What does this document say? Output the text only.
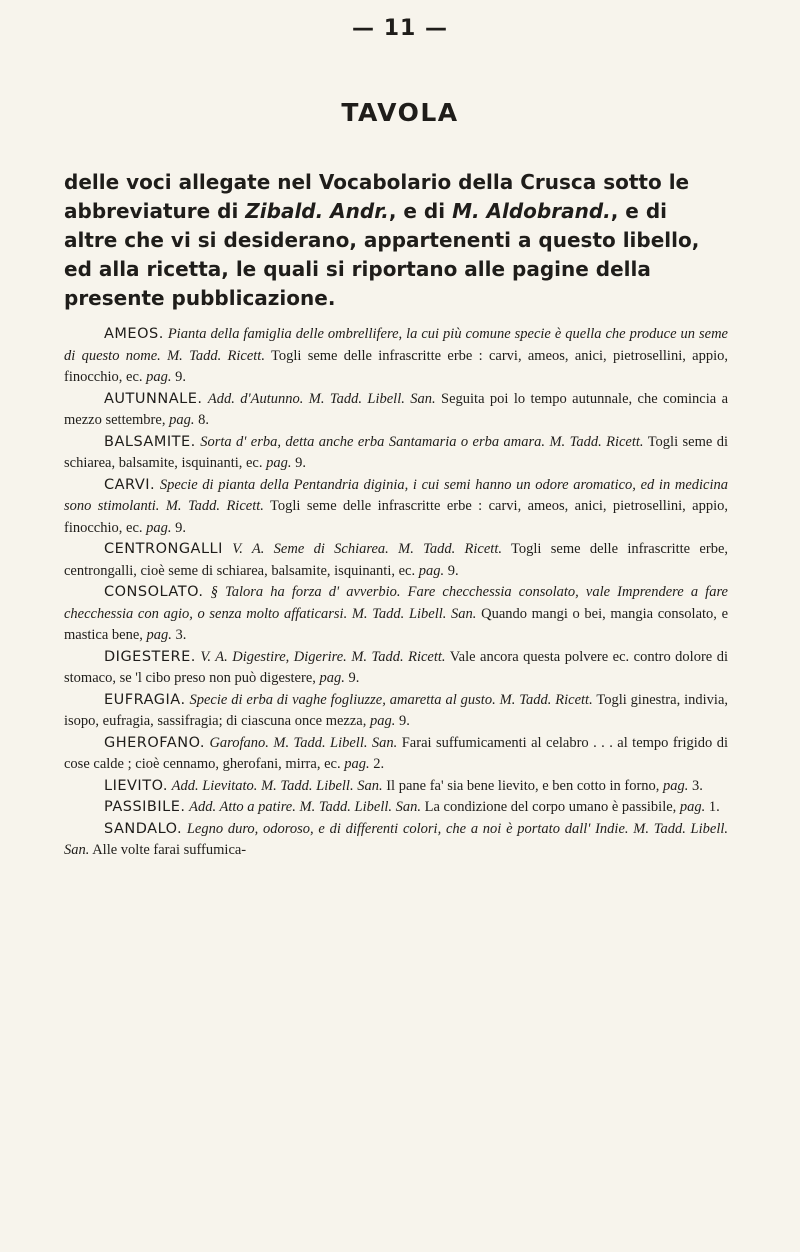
— 11 —
TAVOLA
delle voci allegate nel Vocabolario della Crusca sotto le abbreviature di Zibald. Andr., e di M. Aldobrand., e di altre che vi si desiderano, appartenenti a questo libello, ed alla ricetta, le quali si riportano alle pagine della presente pubblicazione.

AMEOS. Pianta della famiglia delle ombrellifere, la cui più comune specie è quella che produce un seme di questo nome. M. Tadd. Ricett. Togli seme delle infrascritte erbe : carvi, ameos, anici, pietrosellini, appio, finocchio, ec. pag. 9.

AUTUNNALE. Add. d'Autunno. M. Tadd. Libell. San. Seguita poi lo tempo autunnale, che comincia a mezzo settembre, pag. 8.

BALSAMITE. Sorta d' erba, detta anche erba Santamaria o erba amara. M. Tadd. Ricett. Togli seme di schiarea, balsamite, isquinanti, ec. pag. 9.

CARVI. Specie di pianta della Pentandria diginia, i cui semi hanno un odore aromatico, ed in medicina sono stimolanti. M. Tadd. Ricett. Togli seme delle infrascritte erbe : carvi, ameos, anici, pietrosellini, appio, finocchio, ec. pag. 9.

CENTRONGALLI V. A. Seme di Schiarea. M. Tadd. Ricett. Togli seme delle infrascritte erbe, centrongalli, cioè seme di schiarea, balsamite, isquinanti, ec. pag. 9.

CONSOLATO. § Talora ha forza d' avverbio. Fare checchessia consolato, vale Imprendere a fare checchessia con agio, o senza molto affaticarsi. M. Tadd. Libell. San. Quando mangi o bei, mangia consolato, e mastica bene, pag. 3.

DIGESTERE. V. A. Digestire, Digerire. M. Tadd. Ricett. Vale ancora questa polvere ec. contro dolore di stomaco, se 'l cibo preso non può digestere, pag. 9.

EUFRAGIA. Specie di erba di vaghe fogliuzze, amaretta al gusto. M. Tadd. Ricett. Togli ginestra, indivia, isopo, eufragia, sassifragia; di ciascuna once mezza, pag. 9.

GHEROFANO. Garofano. M. Tadd. Libell. San. Farai suffumicamenti al celabro . . . al tempo frigido di cose calde ; cioè cennamo, gherofani, mirra, ec. pag. 2.

LIEVITO. Add. Lievitato. M. Tadd. Libell. San. Il pane fa' sia bene lievito, e ben cotto in forno, pag. 3.

PASSIBILE. Add. Atto a patire. M. Tadd. Libell. San. La condizione del corpo umano è passibile, pag. 1.

SANDALO. Legno duro, odoroso, e di differenti colori, che a noi è portato dall' Indie. M. Tadd. Libell. San. Alle volte farai suffumica-
